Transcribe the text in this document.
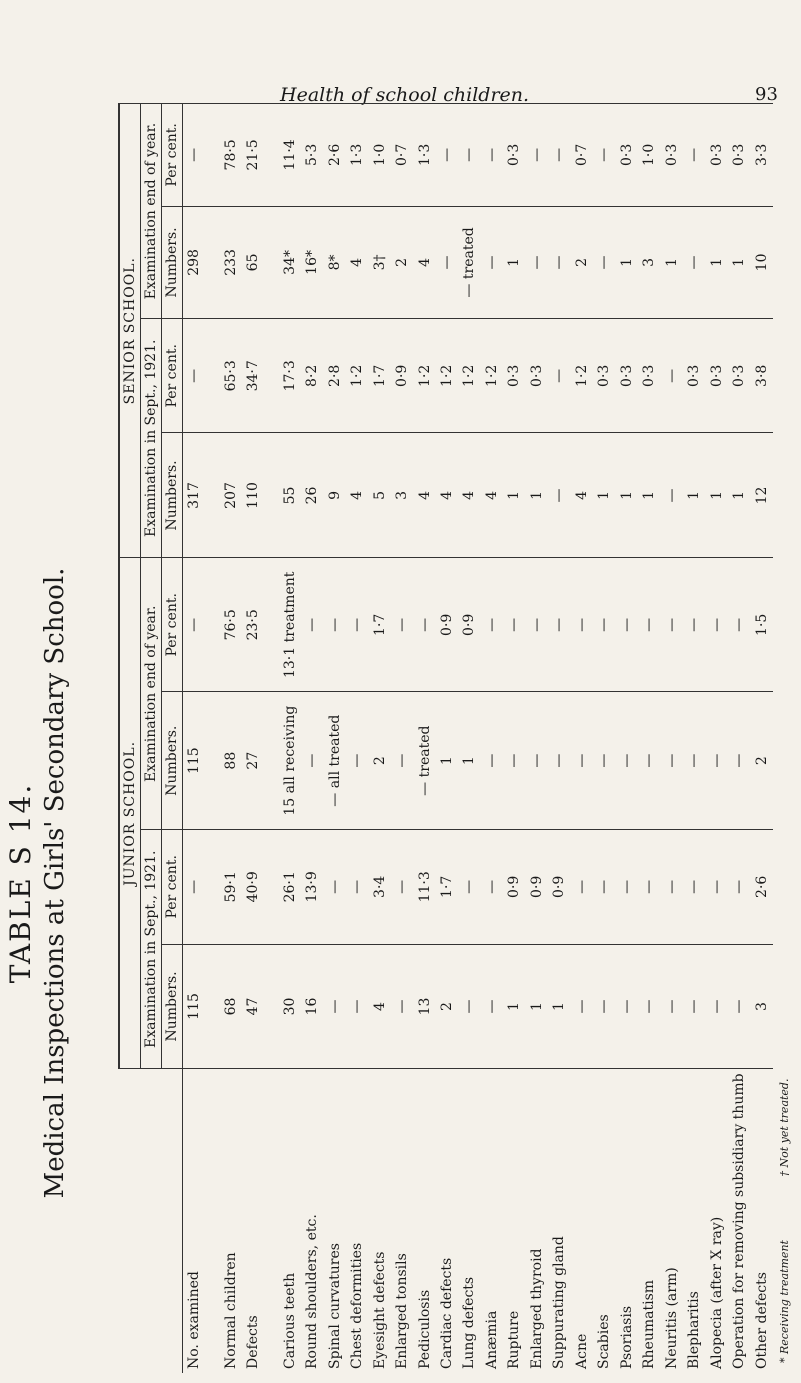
Health of school children.	93
TABLE S 14. Medical Inspections at Girls' Secondary School.
		JUNIOR SCHOOL.				SENIOR SCHOOL.			
	Examination in Sept., 1921.		Examination end of year.		Examination in Sept., 1921.		Examination end of year.	
	Numbers.	Per cent.	Numbers.	Per cent.	Numbers.	Per cent.	Numbers.	Per cent.
No. examined	115	—	115	—	317	—	298	—

Normal children	68	59·1	88	76·5	207	65·3	233	78·5
Defects	47	40·9	27	23·5	110	34·7	65	21·5

Carious teeth	30	26·1	15 all receiving	13·1 treatment	55	17·3	34*	11·4
Round shoulders, etc.	16	13·9	—	—	26	8·2	16*	5·3
Spinal curvatures	—	—	— all treated	—	9	2·8	8*	2·6
Chest deformities	—	—	—	—	4	1·2	4	1·3
Eyesight defects	4	3·4	2	1·7	5	1·7	3†	1·0
Enlarged tonsils	—	—	—	—	3	0·9	2	0·7
Pediculosis	13	11·3	— treated	—	4	1·2	4	1·3
Cardiac defects	2	1·7	1	0·9	4	1·2	—	—
Lung defects	—	—	1	0·9	4	1·2	— treated	—
Anæmia	—	—	—	—	4	1·2	—	—
Rupture	1	0·9	—	—	1	0·3	1	0·3
Enlarged thyroid	1	0·9	—	—	1	0·3	—	—
Suppurating gland	1	0·9	—	—	—	—	—	—
Acne	—	—	—	—	4	1·2	2	0·7
Scabies	—	—	—	—	1	0·3	—	—
Psoriasis	—	—	—	—	1	0·3	1	0·3
Rheumatism	—	—	—	—	1	0·3	3	1·0
Neuritis (arm)	—	—	—	—	—	—	1	0·3
Blepharitis	—	—	—	—	1	0·3	—	—
Alopecia (after X ray)	—	—	—	—	1	0·3	1	0·3
Operation for removing subsidiary thumb	—	—	—	—	1	0·3	1	0·3
Other defects	3	2·6	2	1·5	12	3·8	10	3·3
* Receiving treatment † Not yet treated.
